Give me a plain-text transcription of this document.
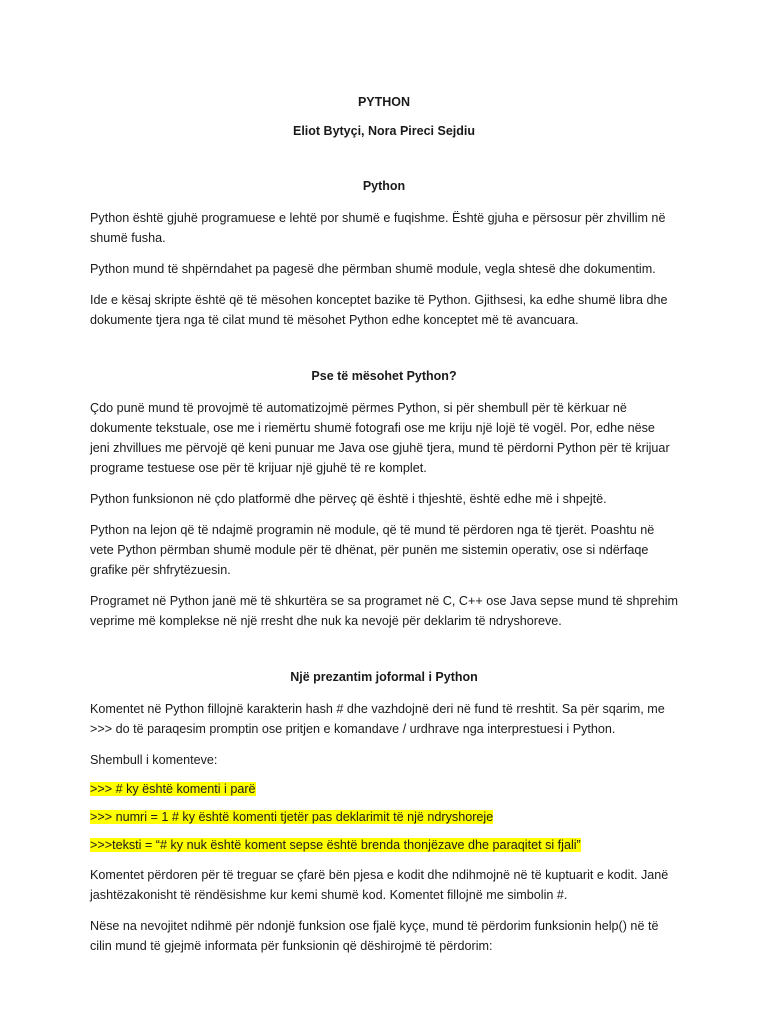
PYTHON

Eliot Bytyçi, Nora Pireci Sejdiu

Python

Python është gjuhë programuese e lehtë por shumë e fuqishme. Është gjuha e përsosur për zhvillim në shumë fusha.

Python mund të shpërndahet pa pagesë dhe përmban shumë module, vegla shtesë dhe dokumentim.

Ide e kësaj skripte është që të mësohen konceptet bazike të Python. Gjithsesi, ka edhe shumë libra dhe dokumente tjera nga të cilat mund të mësohet Python edhe konceptet më të avancuara.

Pse të mësohet Python?

Çdo punë mund të provojmë të automatizojmë përmes Python, si për shembull për të kërkuar në dokumente tekstuale, ose me i riemërtu shumë fotografi ose me kriju një lojë të vogël. Por, edhe nëse jeni zhvillues me përvojë që keni punuar me Java ose gjuhë tjera, mund të përdorni Python për të krijuar programe testuese ose për të krijuar një gjuhë të re komplet.

Python funksionon në çdo platformë dhe përveç që është i thjeshtë, është edhe më i shpejtë.

Python na lejon që të ndajmë programin në module, që të mund të përdoren nga të tjerët. Poashtu në vete Python përmban shumë module për të dhënat, për punën me sistemin operativ, ose si ndërfaqe grafike për shfrytëzuesin.

Programet në Python janë më të shkurtëra se sa programet në C, C++ ose Java sepse mund të shprehim veprime më komplekse në një rresht dhe nuk ka nevojë për deklarim të ndryshoreve.

Një prezantim joformal i Python

Komentet në Python fillojnë karakterin hash # dhe vazhdojnë deri në fund të rreshtit. Sa për sqarim, me >>> do të paraqesim promptin ose pritjen e komandave / urdhrave nga interprestuesi i Python.

Shembull i komenteve:

>>> # ky është komenti i parë

>>> numri = 1 # ky është komenti tjetër pas deklarimit të një ndryshoreje

>>>teksti = “# ky nuk është koment sepse është brenda thonjëzave dhe paraqitet si fjali”

Komentet përdoren për të treguar se çfarë bën pjesa e kodit dhe ndihmojnë në të kuptuarit e kodit. Janë jashtëzakonisht të rëndësishme kur kemi shumë kod. Komentet fillojnë me simbolin #.

Nëse na nevojitet ndihmë për ndonjë funksion ose fjalë kyçe, mund të përdorim funksionin help() në të cilin mund të gjejmë informata për funksionin që dëshirojmë të përdorim:
